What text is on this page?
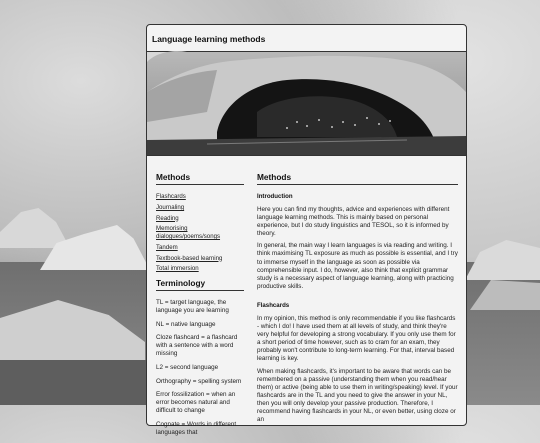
Language learning methods
Methods
Flashcards
Journaling
Reading
Memorising dialogues/poems/songs
Tandem
Textbook-based learning
Total immersion
Terminology
TL = target language, the language you are learning
NL = native language
Cloze flashcard = a flashcard with a sentence with a word missing
L2 = second language
Orthography = spelling system
Error fossilization = when an error becomes natural and difficult to change
Cognate = Words in different languages that
Methods
Introduction

Here you can find my thoughts, advice and experiences with different language learning methods. This is mainly based on personal experience, but I do study linguistics and TESOL, so it is informed by theory.

In general, the main way I learn languages is via reading and writing. I think maximising TL exposure as much as possible is essential, and I try to immerse myself in the language as soon as possible via comprehensible input. I do, however, also think that explicit grammar study is a necessary aspect of language learning, along with practicing productive skills.

Flashcards

In my opinion, this method is only recommendable if you like flashcards - which I do! I have used them at all levels of study, and think they're very helpful for developing a strong vocabulary. If you only use them for a short period of time however, such as to cram for an exam, they probably won't contribute to long-term learning. For that, interval based learning is key.

When making flashcards, it's important to be aware that words can be remembered on a passive (understanding them when you read/hear them) or active (being able to use them in writing/speaking) level. If your flashcards are in the TL and you need to give the answer in your NL, then you will only develop your passive production. Therefore, I recommend having flashcards in your NL, or even better, using cloze or an
